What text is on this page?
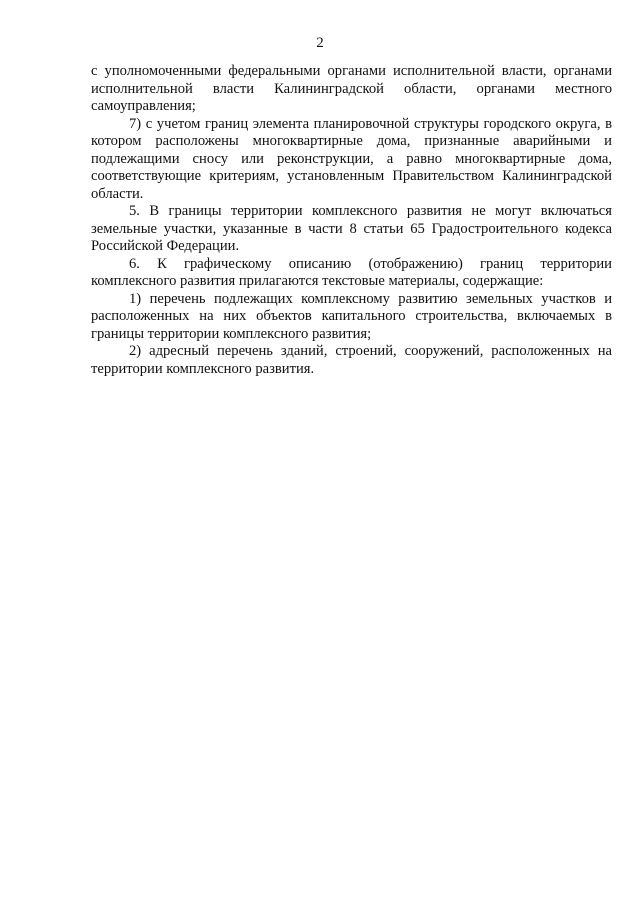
2

с уполномоченными федеральными органами исполнительной власти, органами исполнительной власти Калининградской области, органами местного самоуправления;

7) с учетом границ элемента планировочной структуры городского округа, в котором расположены многоквартирные дома, признанные аварийными и подлежащими сносу или реконструкции, а равно многоквартирные дома, соответствующие критериям, установленным Правительством Калининградской области.

5. В границы территории комплексного развития не могут включаться земельные участки, указанные в части 8 статьи 65 Градостроительного кодекса Российской Федерации.

6. К графическому описанию (отображению) границ территории комплексного развития прилагаются текстовые материалы, содержащие:

1) перечень подлежащих комплексному развитию земельных участков и расположенных на них объектов капитального строительства, включаемых в границы территории комплексного развития;

2) адресный перечень зданий, строений, сооружений, расположенных на территории комплексного развития.
